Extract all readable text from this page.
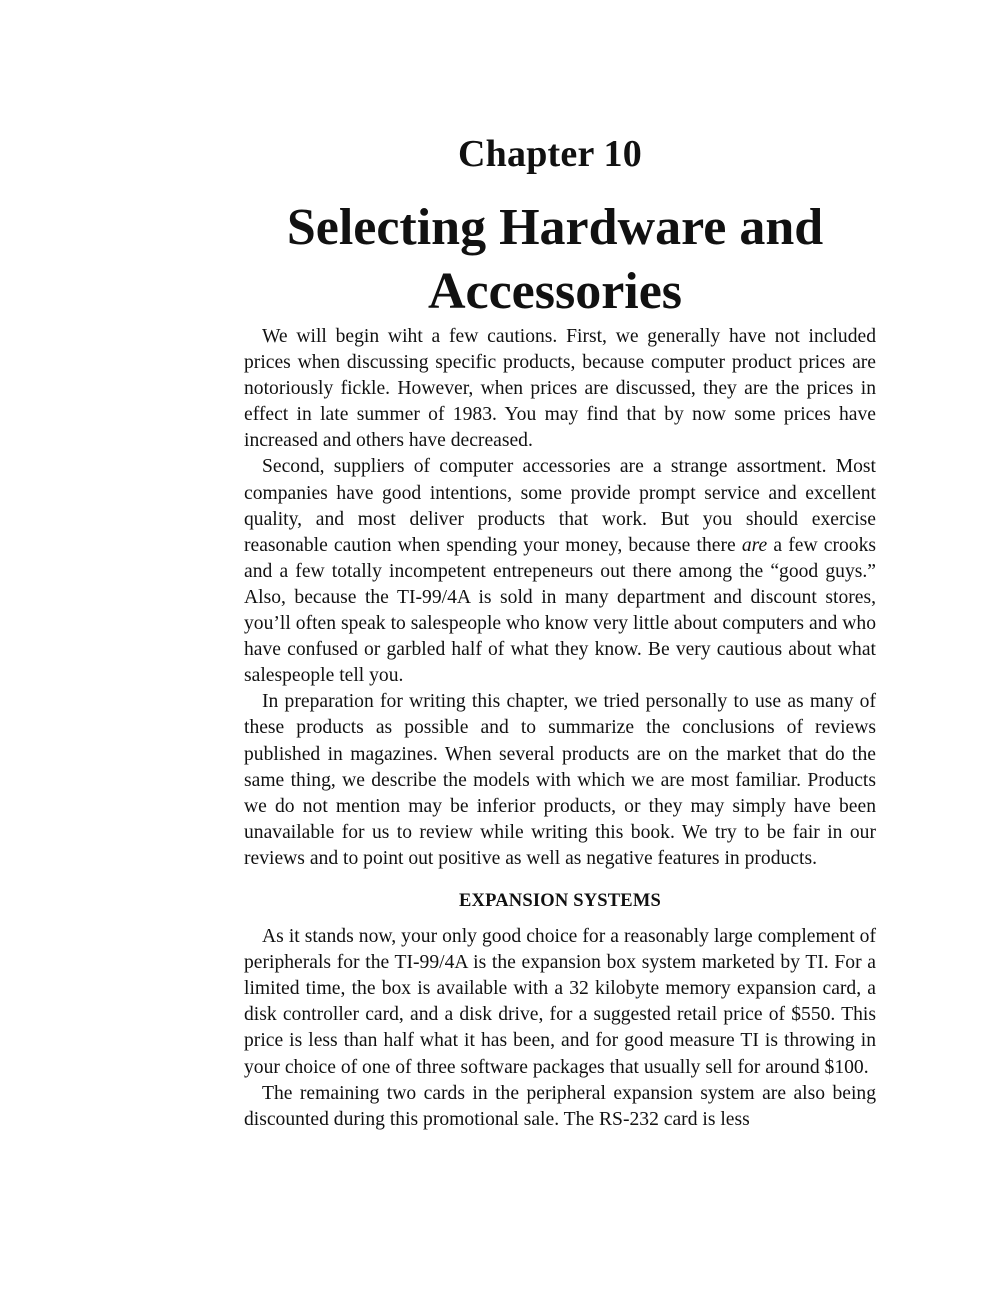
Chapter 10
Selecting Hardware and
Accessories

We will begin wiht a few cautions. First, we generally have not included prices when discussing specific products, because computer product prices are notoriously fickle. However, when prices are discussed, they are the prices in effect in late summer of 1983. You may find that by now some prices have increased and others have decreased.

Second, suppliers of computer accessories are a strange assortment. Most companies have good intentions, some provide prompt service and excellent quality, and most deliver products that work. But you should exercise reasonable caution when spending your money, because there are a few crooks and a few totally incompetent entrepeneurs out there among the “good guys.” Also, because the TI-99/4A is sold in many department and discount stores, you’ll often speak to salespeople who know very little about computers and who have confused or garbled half of what they know. Be very cautious about what salespeople tell you.

In preparation for writing this chapter, we tried personally to use as many of these products as possible and to summarize the conclusions of reviews published in magazines. When several products are on the market that do the same thing, we describe the models with which we are most familiar. Products we do not mention may be inferior products, or they may simply have been unavailable for us to review while writing this book. We try to be fair in our reviews and to point out positive as well as negative features in products.

EXPANSION SYSTEMS

As it stands now, your only good choice for a reasonably large complement of peripherals for the TI-99/4A is the expansion box system marketed by TI. For a limited time, the box is available with a 32 kilobyte memory expansion card, a disk controller card, and a disk drive, for a suggested retail price of $550. This price is less than half what it has been, and for good measure TI is throwing in your choice of one of three software packages that usually sell for around $100.

The remaining two cards in the peripheral expansion system are also being discounted during this promotional sale. The RS-232 card is less
